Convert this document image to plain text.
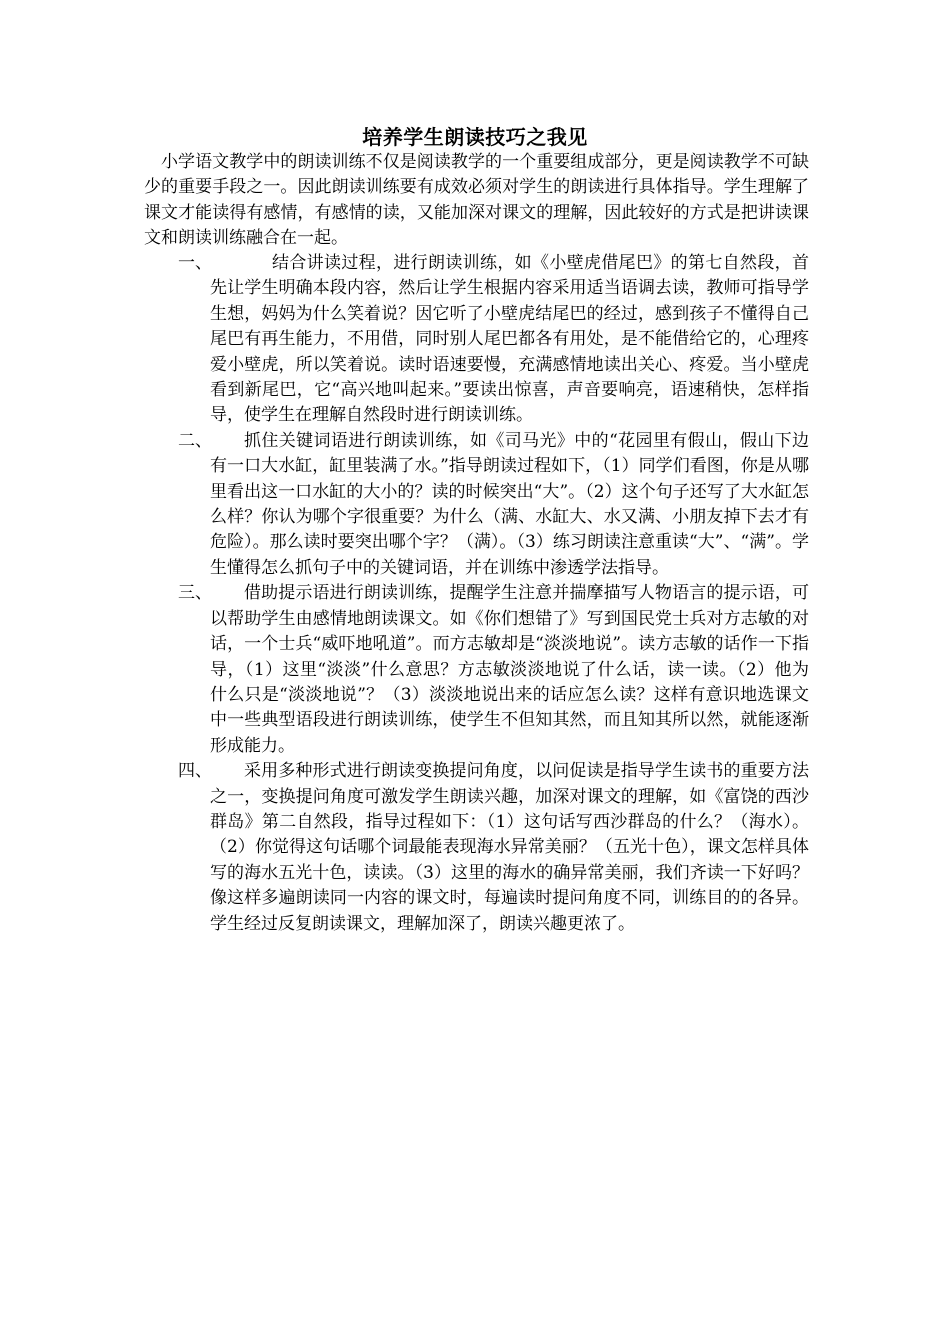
培养学生朗读技巧之我见

小学语文教学中的朗读训练不仅是阅读教学的一个重要组成部分，更是阅读教学不可缺少的重要手段之一。因此朗读训练要有成效必须对学生的朗读进行具体指导。学生理解了课文才能读得有感情，有感情的读，又能加深对课文的理解，因此较好的方式是把讲读课文和朗读训练融合在一起。

一、	结合讲读过程，进行朗读训练，如《小壁虎借尾巴》的第七自然段，首先让学生明确本段内容，然后让学生根据内容采用适当语调去读，教师可指导学生想，妈妈为什么笑着说？因它听了小壁虎结尾巴的经过，感到孩子不懂得自己尾巴有再生能力，不用借，同时别人尾巴都各有用处，是不能借给它的，心理疼爱小壁虎，所以笑着说。读时语速要慢，充满感情地读出关心、疼爱。当小壁虎看到新尾巴，它“高兴地叫起来。”要读出惊喜，声音要响亮，语速稍快，怎样指导，使学生在理解自然段时进行朗读训练。
二、	抓住关键词语进行朗读训练，如《司马光》中的“花园里有假山，假山下边有一口大水缸，缸里装满了水。”指导朗读过程如下，（1）同学们看图，你是从哪里看出这一口水缸的大小的？读的时候突出“大”。（2）这个句子还写了大水缸怎么样？你认为哪个字很重要？为什么（满、水缸大、水又满、小朋友掉下去才有危险）。那么读时要突出哪个字？（满）。（3）练习朗读注意重读“大”、“满”。学生懂得怎么抓句子中的关键词语，并在训练中渗透学法指导。
三、	借助提示语进行朗读训练，提醒学生注意并揣摩描写人物语言的提示语，可以帮助学生由感情地朗读课文。如《你们想错了》写到国民党士兵对方志敏的对话，一个士兵“威吓地吼道”。而方志敏却是“淡淡地说”。读方志敏的话作一下指导，（1）这里“淡淡”什么意思？方志敏淡淡地说了什么话，读一读。（2）他为什么只是“淡淡地说”？（3）淡淡地说出来的话应怎么读？这样有意识地选课文中一些典型语段进行朗读训练，使学生不但知其然，而且知其所以然，就能逐渐形成能力。
四、	采用多种形式进行朗读变换提问角度，以问促读是指导学生读书的重要方法之一，变换提问角度可激发学生朗读兴趣，加深对课文的理解，如《富饶的西沙群岛》第二自然段，指导过程如下：（1）这句话写西沙群岛的什么？（海水）。（2）你觉得这句话哪个词最能表现海水异常美丽？（五光十色），课文怎样具体写的海水五光十色，读读。（3）这里的海水的确异常美丽，我们齐读一下好吗？像这样多遍朗读同一内容的课文时，每遍读时提问角度不同，训练目的的各异。学生经过反复朗读课文，理解加深了，朗读兴趣更浓了。
